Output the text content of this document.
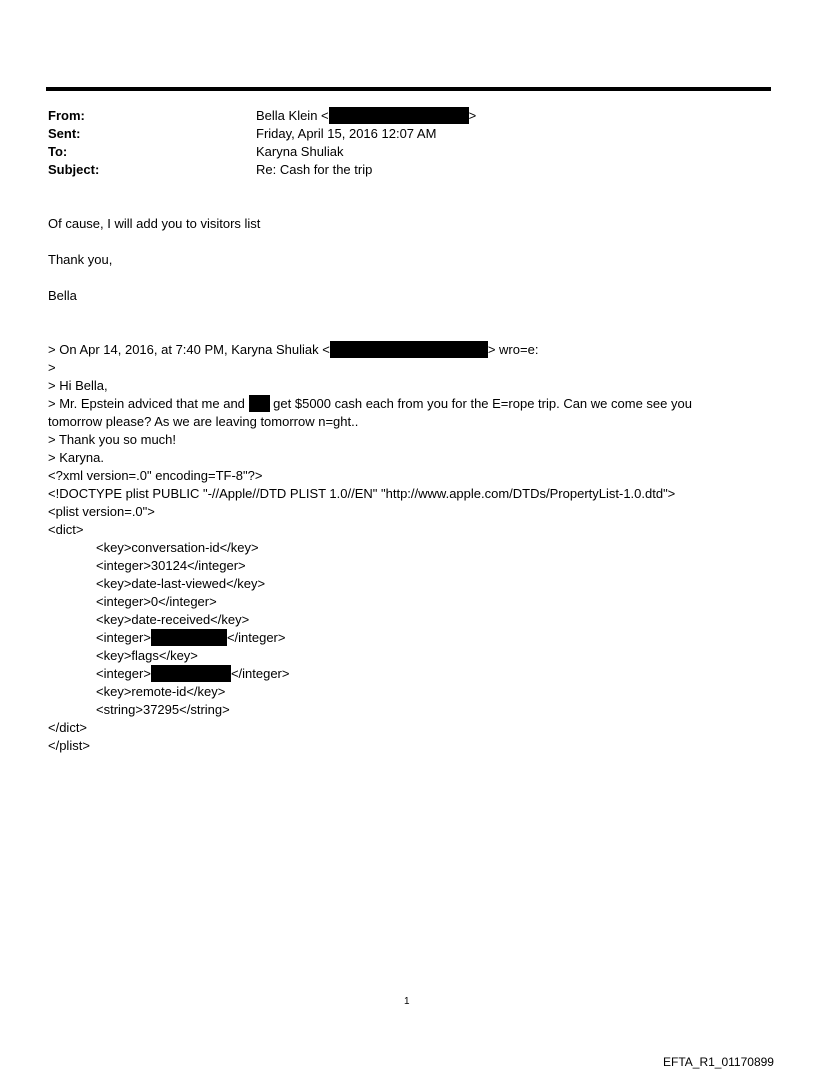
From:	Bella Klein <	>
Sent:	Friday, April 15, 2016 12:07 AM
To:	Karyna Shuliak
Subject:	Re: Cash for the trip
Of cause, I will add you to visitors list
Thank you,
Bella
> On Apr 14, 2016, at 7:40 PM, Karyna Shuliak <	> wro=e:
>
> Hi Bella,
> Mr. Epstein adviced that me and get $5000 cash each from you for the E=rope trip. Can we come see you
tomorrow please? As we are leaving tomorrow n=ght..
> Thank you so much!
> Karyna.
<?xml version=.0" encoding=TF-8"?>
<!DOCTYPE plist PUBLIC "-//Apple//DTD PLIST 1.0//EN" "http://www.apple.com/DTDs/PropertyList-1.0.dtd">
<plist version=.0">
<dict>
<key>conversation-id</key>
<integer>30124</integer>
<key>date-last-viewed</key>
<integer>0</integer>
<key>date-received</key>
<integer>	</integer>
<key>flags</key>
<integer>	</integer>
<key>remote-id</key>
<string>37295</string>
</dict>
</plist>
1
EFTA_R1_01170899
